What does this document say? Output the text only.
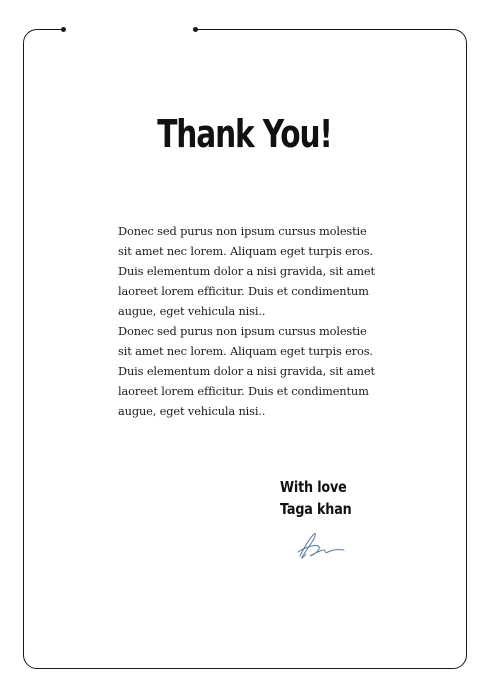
Thank You!

Donec sed purus non ipsum cursus molestie sit amet nec lorem. Aliquam eget turpis eros. Duis elementum dolor a nisi gravida, sit amet laoreet lorem efficitur. Duis et condimentum augue, eget vehicula nisi..

Donec sed purus non ipsum cursus molestie sit amet nec lorem. Aliquam eget turpis eros. Duis elementum dolor a nisi gravida, sit amet laoreet lorem efficitur. Duis et condimentum augue, eget vehicula nisi..

With love
Taga khan
